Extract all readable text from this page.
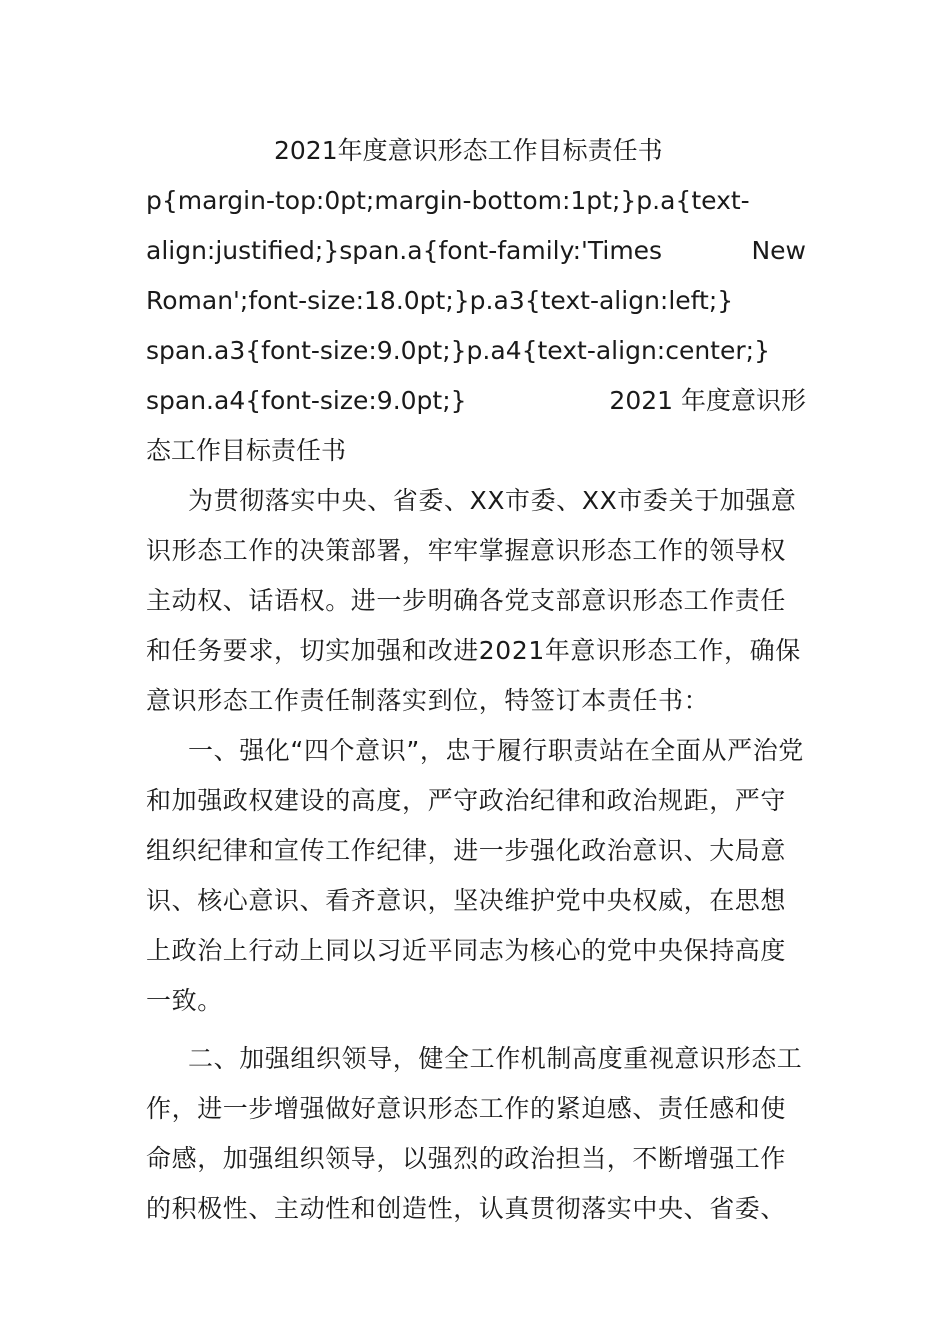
2021年度意识形态工作目标责任书

p{margin-top:0pt;margin-bottom:1pt;}p.a{text-
align:justified;}span.a{font-family:'Times	New
Roman';font-size:18.0pt;}p.a3{text-align:left;}
span.a3{font-size:9.0pt;}p.a4{text-align:center;}
span.a4{font-size:9.0pt;}	2021 年度意识形
态工作目标责任书

为贯彻落实中央、省委、XX市委、XX市委关于加强意识形态工作的决策部署，牢牢掌握意识形态工作的领导权主动权、话语权。进一步明确各党支部意识形态工作责任和任务要求，切实加强和改进2021年意识形态工作，确保意识形态工作责任制落实到位，特签订本责任书：

一、强化“四个意识”，忠于履行职责站在全面从严治党和加强政权建设的高度，严守政治纪律和政治规距，严守组织纪律和宣传工作纪律，进一步强化政治意识、大局意识、核心意识、看齐意识，坚决维护党中央权威，在思想上政治上行动上同以习近平同志为核心的党中央保持高度一致。

二、加强组织领导，健全工作机制高度重视意识形态工作，进一步增强做好意识形态工作的紧迫感、责任感和使命感，加强组织领导，以强烈的政治担当，不断增强工作的积极性、主动性和创造性，认真贯彻落实中央、省委、
